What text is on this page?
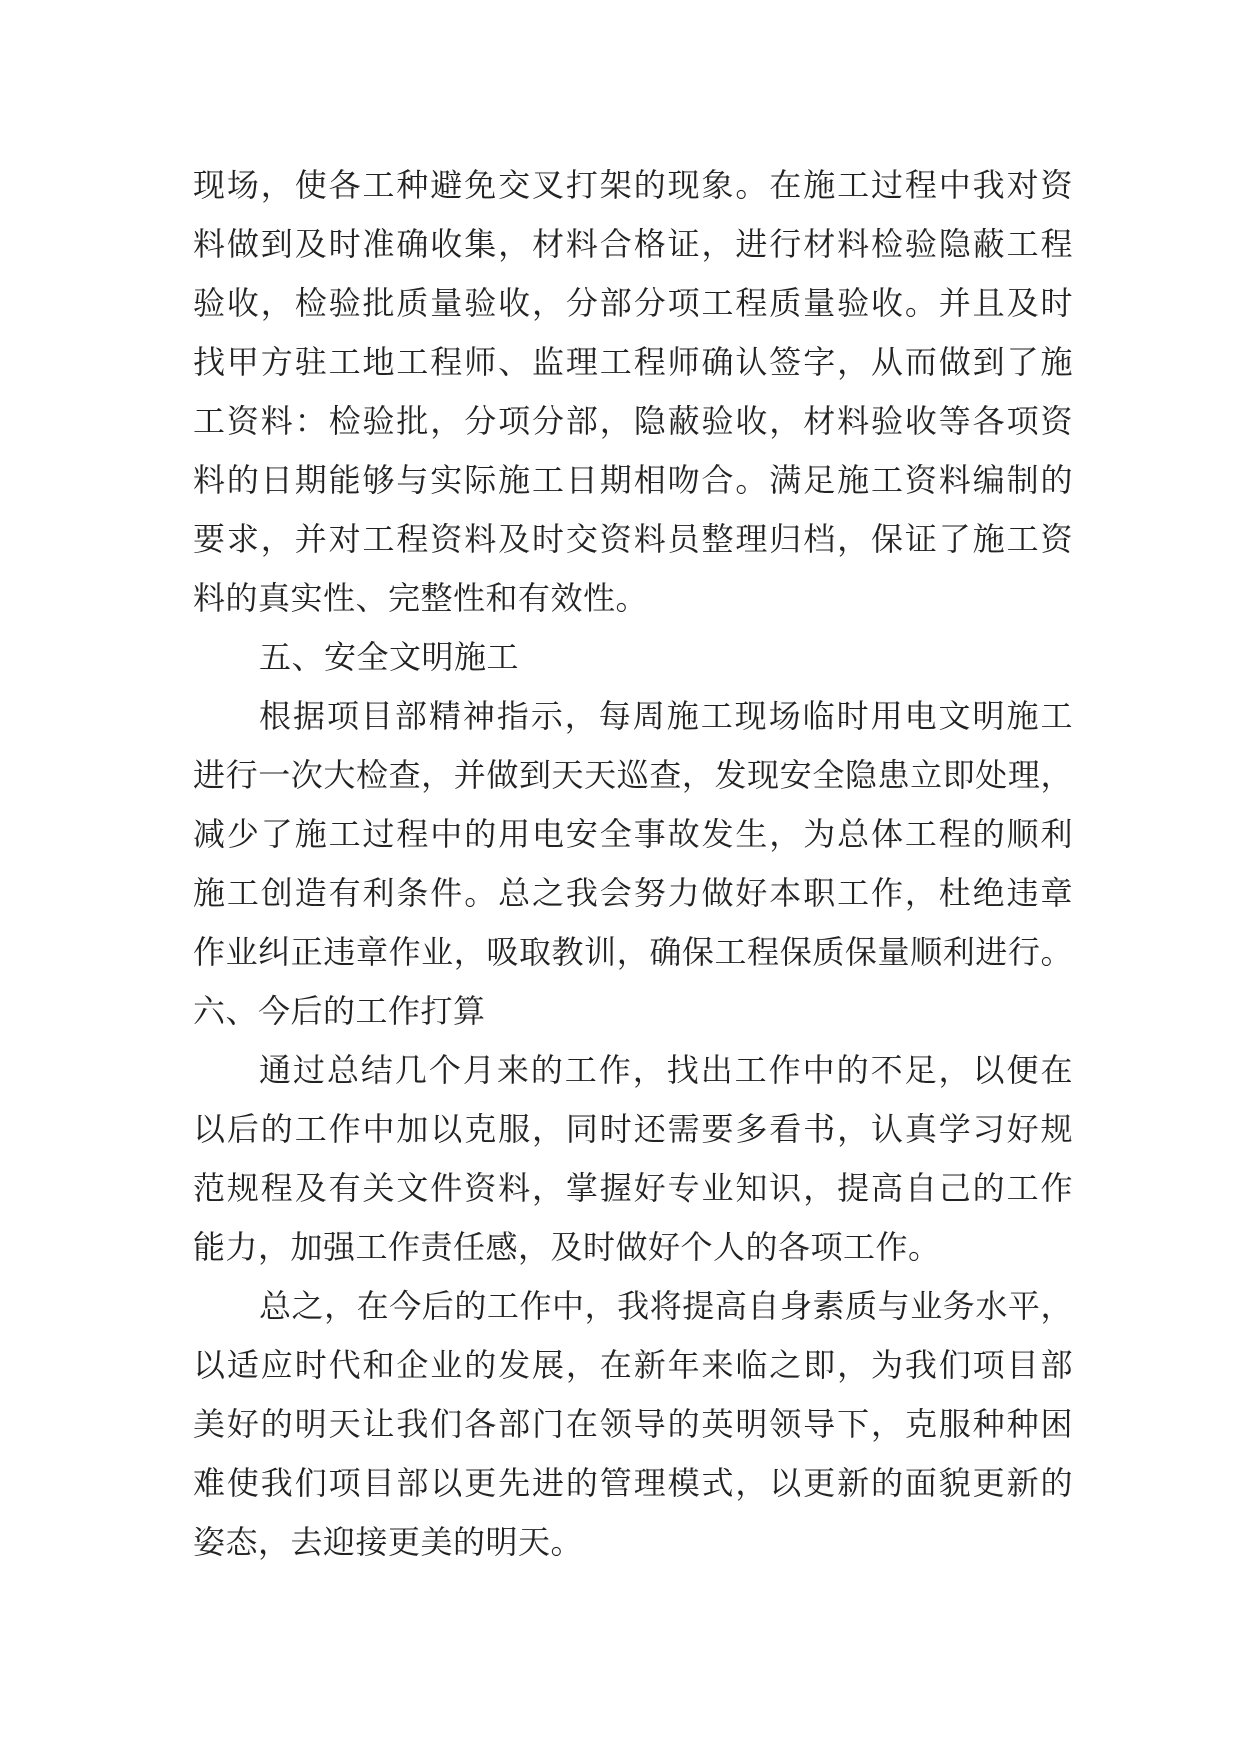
现场，使各工种避免交叉打架的现象。在施工过程中我对资
料做到及时准确收集，材料合格证，进行材料检验隐蔽工程
验收，检验批质量验收，分部分项工程质量验收。并且及时
找甲方驻工地工程师、监理工程师确认签字，从而做到了施
工资料：检验批，分项分部，隐蔽验收，材料验收等各项资
料的日期能够与实际施工日期相吻合。满足施工资料编制的
要求，并对工程资料及时交资料员整理归档，保证了施工资
料的真实性、完整性和有效性。
五、安全文明施工
根据项目部精神指示，每周施工现场临时用电文明施工
进行一次大检查，并做到天天巡查，发现安全隐患立即处理，
减少了施工过程中的用电安全事故发生，为总体工程的顺利
施工创造有利条件。总之我会努力做好本职工作，杜绝违章
作业纠正违章作业，吸取教训，确保工程保质保量顺利进行。
六、今后的工作打算
通过总结几个月来的工作，找出工作中的不足，以便在
以后的工作中加以克服，同时还需要多看书，认真学习好规
范规程及有关文件资料，掌握好专业知识，提高自己的工作
能力，加强工作责任感，及时做好个人的各项工作。
总之，在今后的工作中，我将提高自身素质与业务水平，
以适应时代和企业的发展，在新年来临之即，为我们项目部
美好的明天让我们各部门在领导的英明领导下，克服种种困
难使我们项目部以更先进的管理模式，以更新的面貌更新的
姿态，去迎接更美的明天。
